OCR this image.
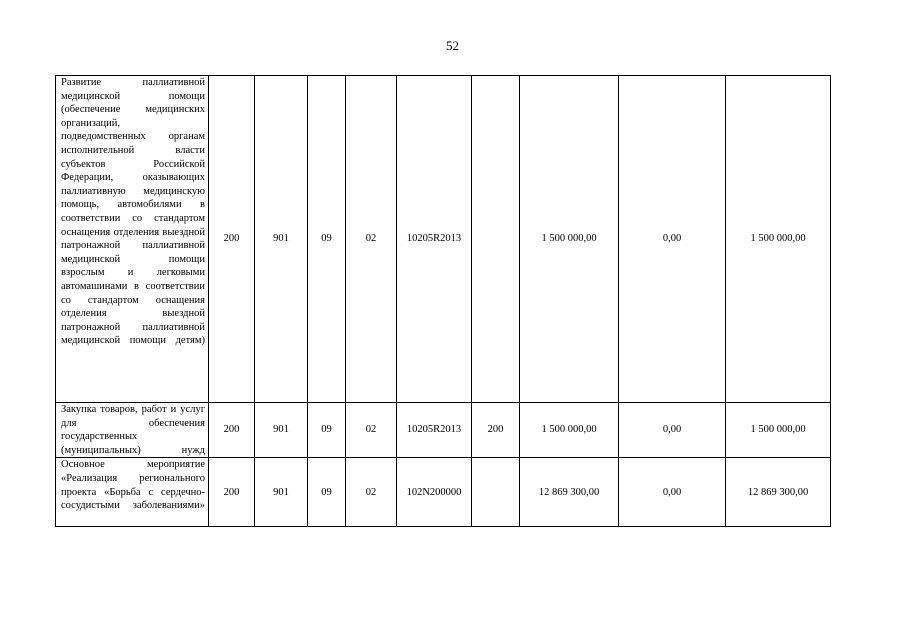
52
Развитие паллиативной медицинской помощи (обеспечение медицинских организаций, подведомственных органам исполнительной власти субъектов Российской Федерации, оказывающих паллиативную медицинскую помощь, автомобилями в соответствии со стандартом оснащения отделения выездной патронажной паллиативной медицинской помощи взрослым и легковыми автомашинами в соответствии со стандартом оснащения отделения выездной патронажной паллиативной медицинской помощи детям)	200	901	09	02	10205R2013		1 500 000,00	0,00	1 500 000,00

Закупка товаров, работ и услуг для обеспечения государственных (муниципальных) нужд	200	901	09	02	10205R2013	200	1 500 000,00	0,00	1 500 000,00

Основное мероприятие «Реализация регионального проекта «Борьба с сердечно-сосудистыми заболеваниями»	200	901	09	02	102N200000		12 869 300,00	0,00	12 869 300,00
